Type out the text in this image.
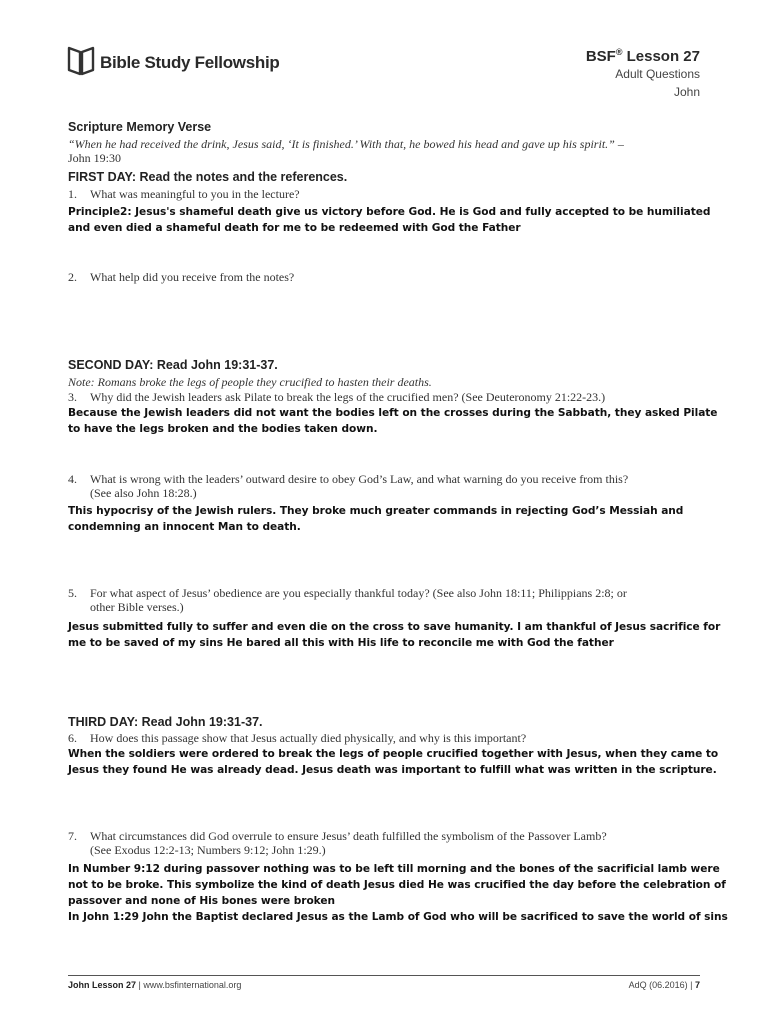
Bible Study Fellowship	BSF® Lesson 27
Adult Questions
John
Scripture Memory Verse
“When he had received the drink, Jesus said, ‘It is finished.’ With that, he bowed his head and gave up his spirit.” –
John 19:30
FIRST DAY: Read the notes and the references.
1. What was meaningful to you in the lecture?
Principle2: Jesus's shameful death give us victory before God. He is God and fully accepted to be humiliated and even died a shameful death for me to be redeemed with God the Father
2. What help did you receive from the notes?
SECOND DAY: Read John 19:31-37.
Note: Romans broke the legs of people they crucified to hasten their deaths.
3. Why did the Jewish leaders ask Pilate to break the legs of the crucified men? (See Deuteronomy 21:22-23.)
Because the Jewish leaders did not want the bodies left on the crosses during the Sabbath, they asked Pilate to have the legs broken and the bodies taken down.
4. What is wrong with the leaders’ outward desire to obey God’s Law, and what warning do you receive from this?
(See also John 18:28.)
This hypocrisy of the Jewish rulers. They broke much greater commands in rejecting God’s Messiah and condemning an innocent Man to death.
5. For what aspect of Jesus’ obedience are you especially thankful today? (See also John 18:11; Philippians 2:8; or
other Bible verses.)
Jesus submitted fully to suffer and even die on the cross to save humanity. I am thankful of Jesus sacrifice for me to be saved of my sins He bared all this with His life to reconcile me with God the father
THIRD DAY: Read John 19:31-37.
6. How does this passage show that Jesus actually died physically, and why is this important?
When the soldiers were ordered to break the legs of people crucified together with Jesus, when they came to Jesus they found He was already dead. Jesus death was important to fulfill what was written in the scripture.
7. What circumstances did God overrule to ensure Jesus’ death fulfilled the symbolism of the Passover Lamb?
(See Exodus 12:2-13; Numbers 9:12; John 1:29.)
In Number 9:12 during passover nothing was to be left till morning and the bones of the sacrificial lamb were not to be broke. This symbolize the kind of death Jesus died He was crucified the day before the celebration of passover and none of His bones were broken
In John 1:29 John the Baptist declared Jesus as the Lamb of God who will be sacrificed to save the world of sins
John Lesson 27 | www.bsfinternational.org	AdQ (06.2016) | 7
